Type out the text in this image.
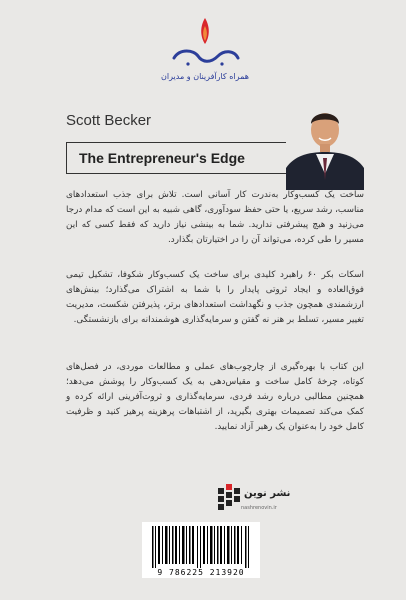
همراه کارآفرینان و مدیران
Scott Becker
The Entrepreneur's Edge
ساخت یک کسب‌وکار به‌ندرت کار آسانی است. تلاش برای جذب استعدادهای مناسب، رشد سریع، یا حتی حفظ سودآوری، گاهی شبیه به این است که مدام درجا می‌زنید و هیچ پیشرفتی ندارید. شما به بینشی نیاز دارید که فقط کسی که این مسیر را طی کرده، می‌تواند آن را در اختیارتان بگذارد.
اسکات بکر ۶۰ راهبرد کلیدی برای ساخت یک کسب‌وکار شکوفا، تشکیل تیمی فوق‌العاده و ایجاد ثروتی پایدار را با شما به اشتراک می‌گذارد؛ بینش‌های ارزشمندی همچون جذب و نگهداشت استعدادهای برتر، پذیرفتن شکست، مدیریت تغییر مسیر، تسلط بر هنر نه گفتن و سرمایه‌گذاری هوشمندانه برای بازنشستگی.
این کتاب با بهره‌گیری از چارچوب‌های عملی و مطالعات موردی، در فصل‌های کوتاه، چرخهٔ کامل ساخت و مقیاس‌دهی به یک کسب‌وکار را پوشش می‌دهد؛ همچنین مطالبی درباره رشد فردی، سرمایه‌گذاری و ثروت‌آفرینی ارائه کرده و کمک می‌کند تصمیمات بهتری بگیرید، از اشتباهات پرهزینه پرهیز کنید و ظرفیت کامل خود را به‌عنوان یک رهبر آزاد نمایید.
نشر نوین
nashrenovin.ir
9 786225 213920
